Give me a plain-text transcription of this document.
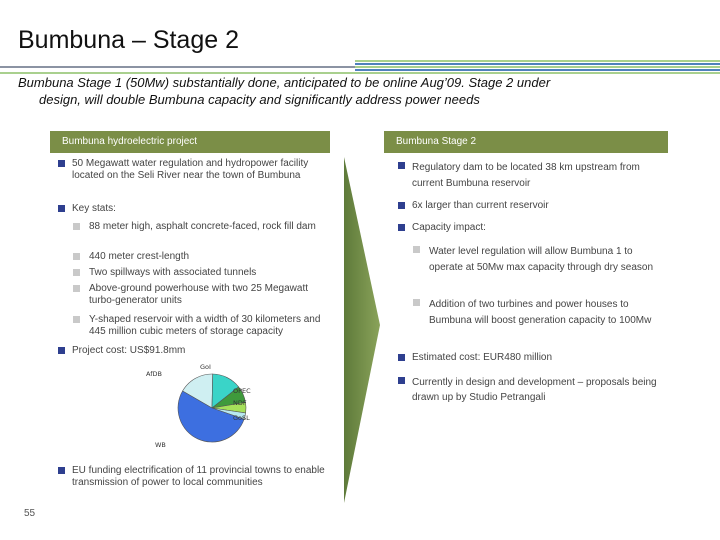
Bumbuna – Stage 2
Bumbuna Stage 1 (50Mw) substantially done, anticipated to be online Aug’09. Stage 2 under
design, will double Bumbuna capacity and significantly address power needs
Bumbuna hydroelectric project	Bumbuna Stage 2
50 Megawatt water regulation and hydropower facility located on the Seli River near the town of Bumbuna
Key stats:
88 meter high, asphalt concrete-faced, rock fill dam
440 meter crest-length
Two spillways with associated tunnels
Above-ground powerhouse with two 25 Megawatt turbo-generator units
Y-shaped reservoir with a width of 30 kilometers and 445 million cubic meters of storage capacity
Project cost: US$91.8mm
EU funding electrification of 11 provincial towns to enable transmission of power to local communities
AfDB
GoI
OPEC
NDF
GoSL
WB
Regulatory dam to be located 38 km upstream from current Bumbuna reservoir
6x larger than current reservoir
Capacity impact:
Water level regulation will allow Bumbuna 1 to operate at 50Mw max capacity through dry season
Addition of two turbines and power houses to Bumbuna will boost generation capacity to 100Mw
Estimated cost: EUR480 million
Currently in design and development – proposals being drawn up by Studio Petrangali
55
